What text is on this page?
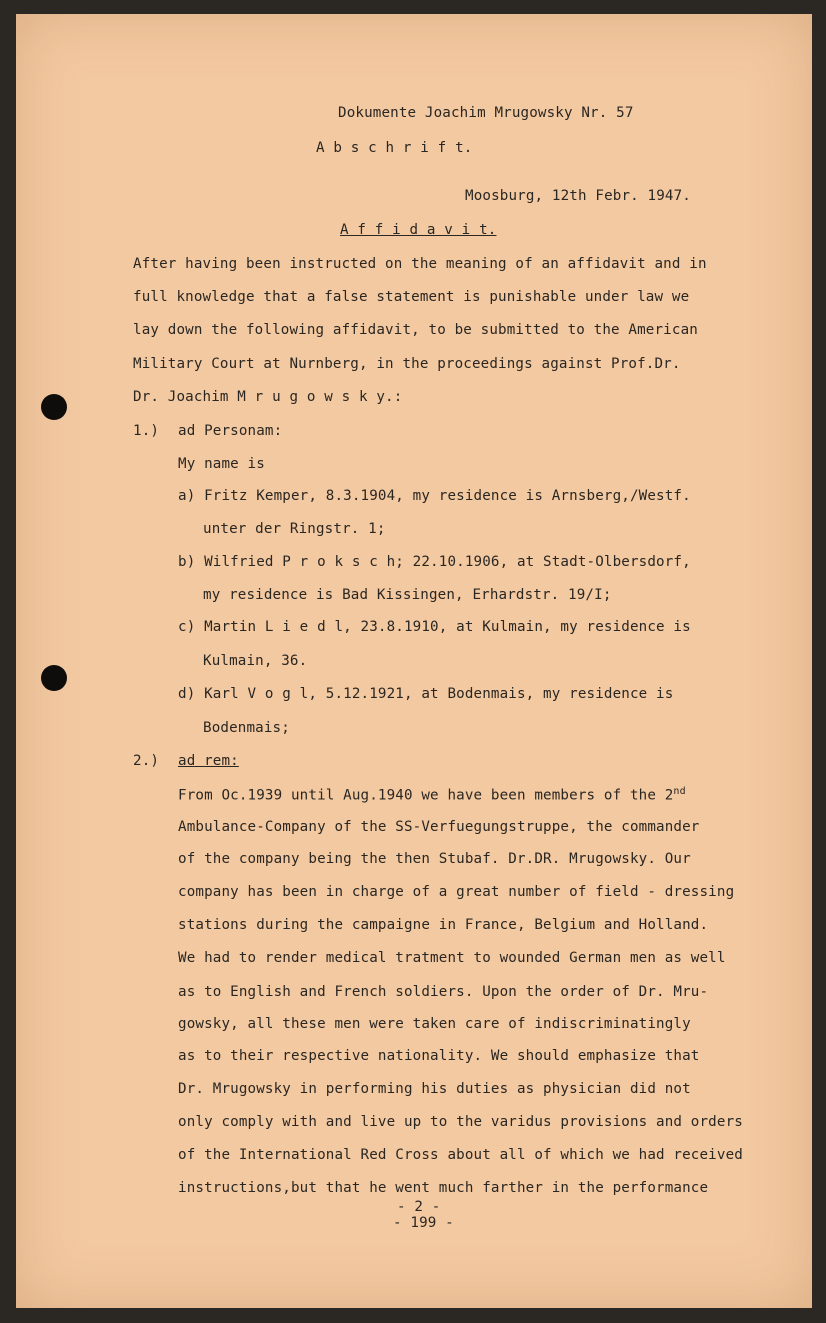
Dokumente Joachim Mrugowsky Nr. 57
A b s c h r i f t.
Moosburg, 12th Febr. 1947.
A f f i d a v i t.
After having been instructed on the meaning of an affidavit and in
full knowledge that a false statement is punishable under law we
lay down the following affidavit, to be submitted to the American
Military Court at Nurnberg, in the proceedings against Prof.Dr.
Dr. Joachim M r u g o w s k y.:
1.) ad Personam:
My name is
a) Fritz Kemper, 8.3.1904, my residence is Arnsberg,/Westf.
unter der Ringstr. 1;
b) Wilfried P r o k s c h; 22.10.1906, at Stadt-Olbersdorf,
my residence is Bad Kissingen, Erhardstr. 19/I;
c) Martin L i e d l, 23.8.1910, at Kulmain, my residence is
Kulmain, 36.
d) Karl V o g l, 5.12.1921, at Bodenmais, my residence is
Bodenmais;
2.) ad rem:
From Oc.1939 until Aug.1940 we have been members of the 2nd
Ambulance-Company of the SS-Verfuegungstruppe, the commander
of the company being the then Stubaf. Dr.DR. Mrugowsky. Our
company has been in charge of a great number of field - dressing
stations during the campaigne in France, Belgium and Holland.
We had to render medical tratment to wounded German men as well
as to English and French soldiers. Upon the order of Dr. Mru-
gowsky, all these men were taken care of indiscriminatingly
as to their respective nationality. We should emphasize that
Dr. Mrugowsky in performing his duties as physician did not
only comply with and live up to the varidus provisions and orders
of the International Red Cross about all of which we had received
instructions,but that he went much farther in the performance
- 2 -
- 199 -
